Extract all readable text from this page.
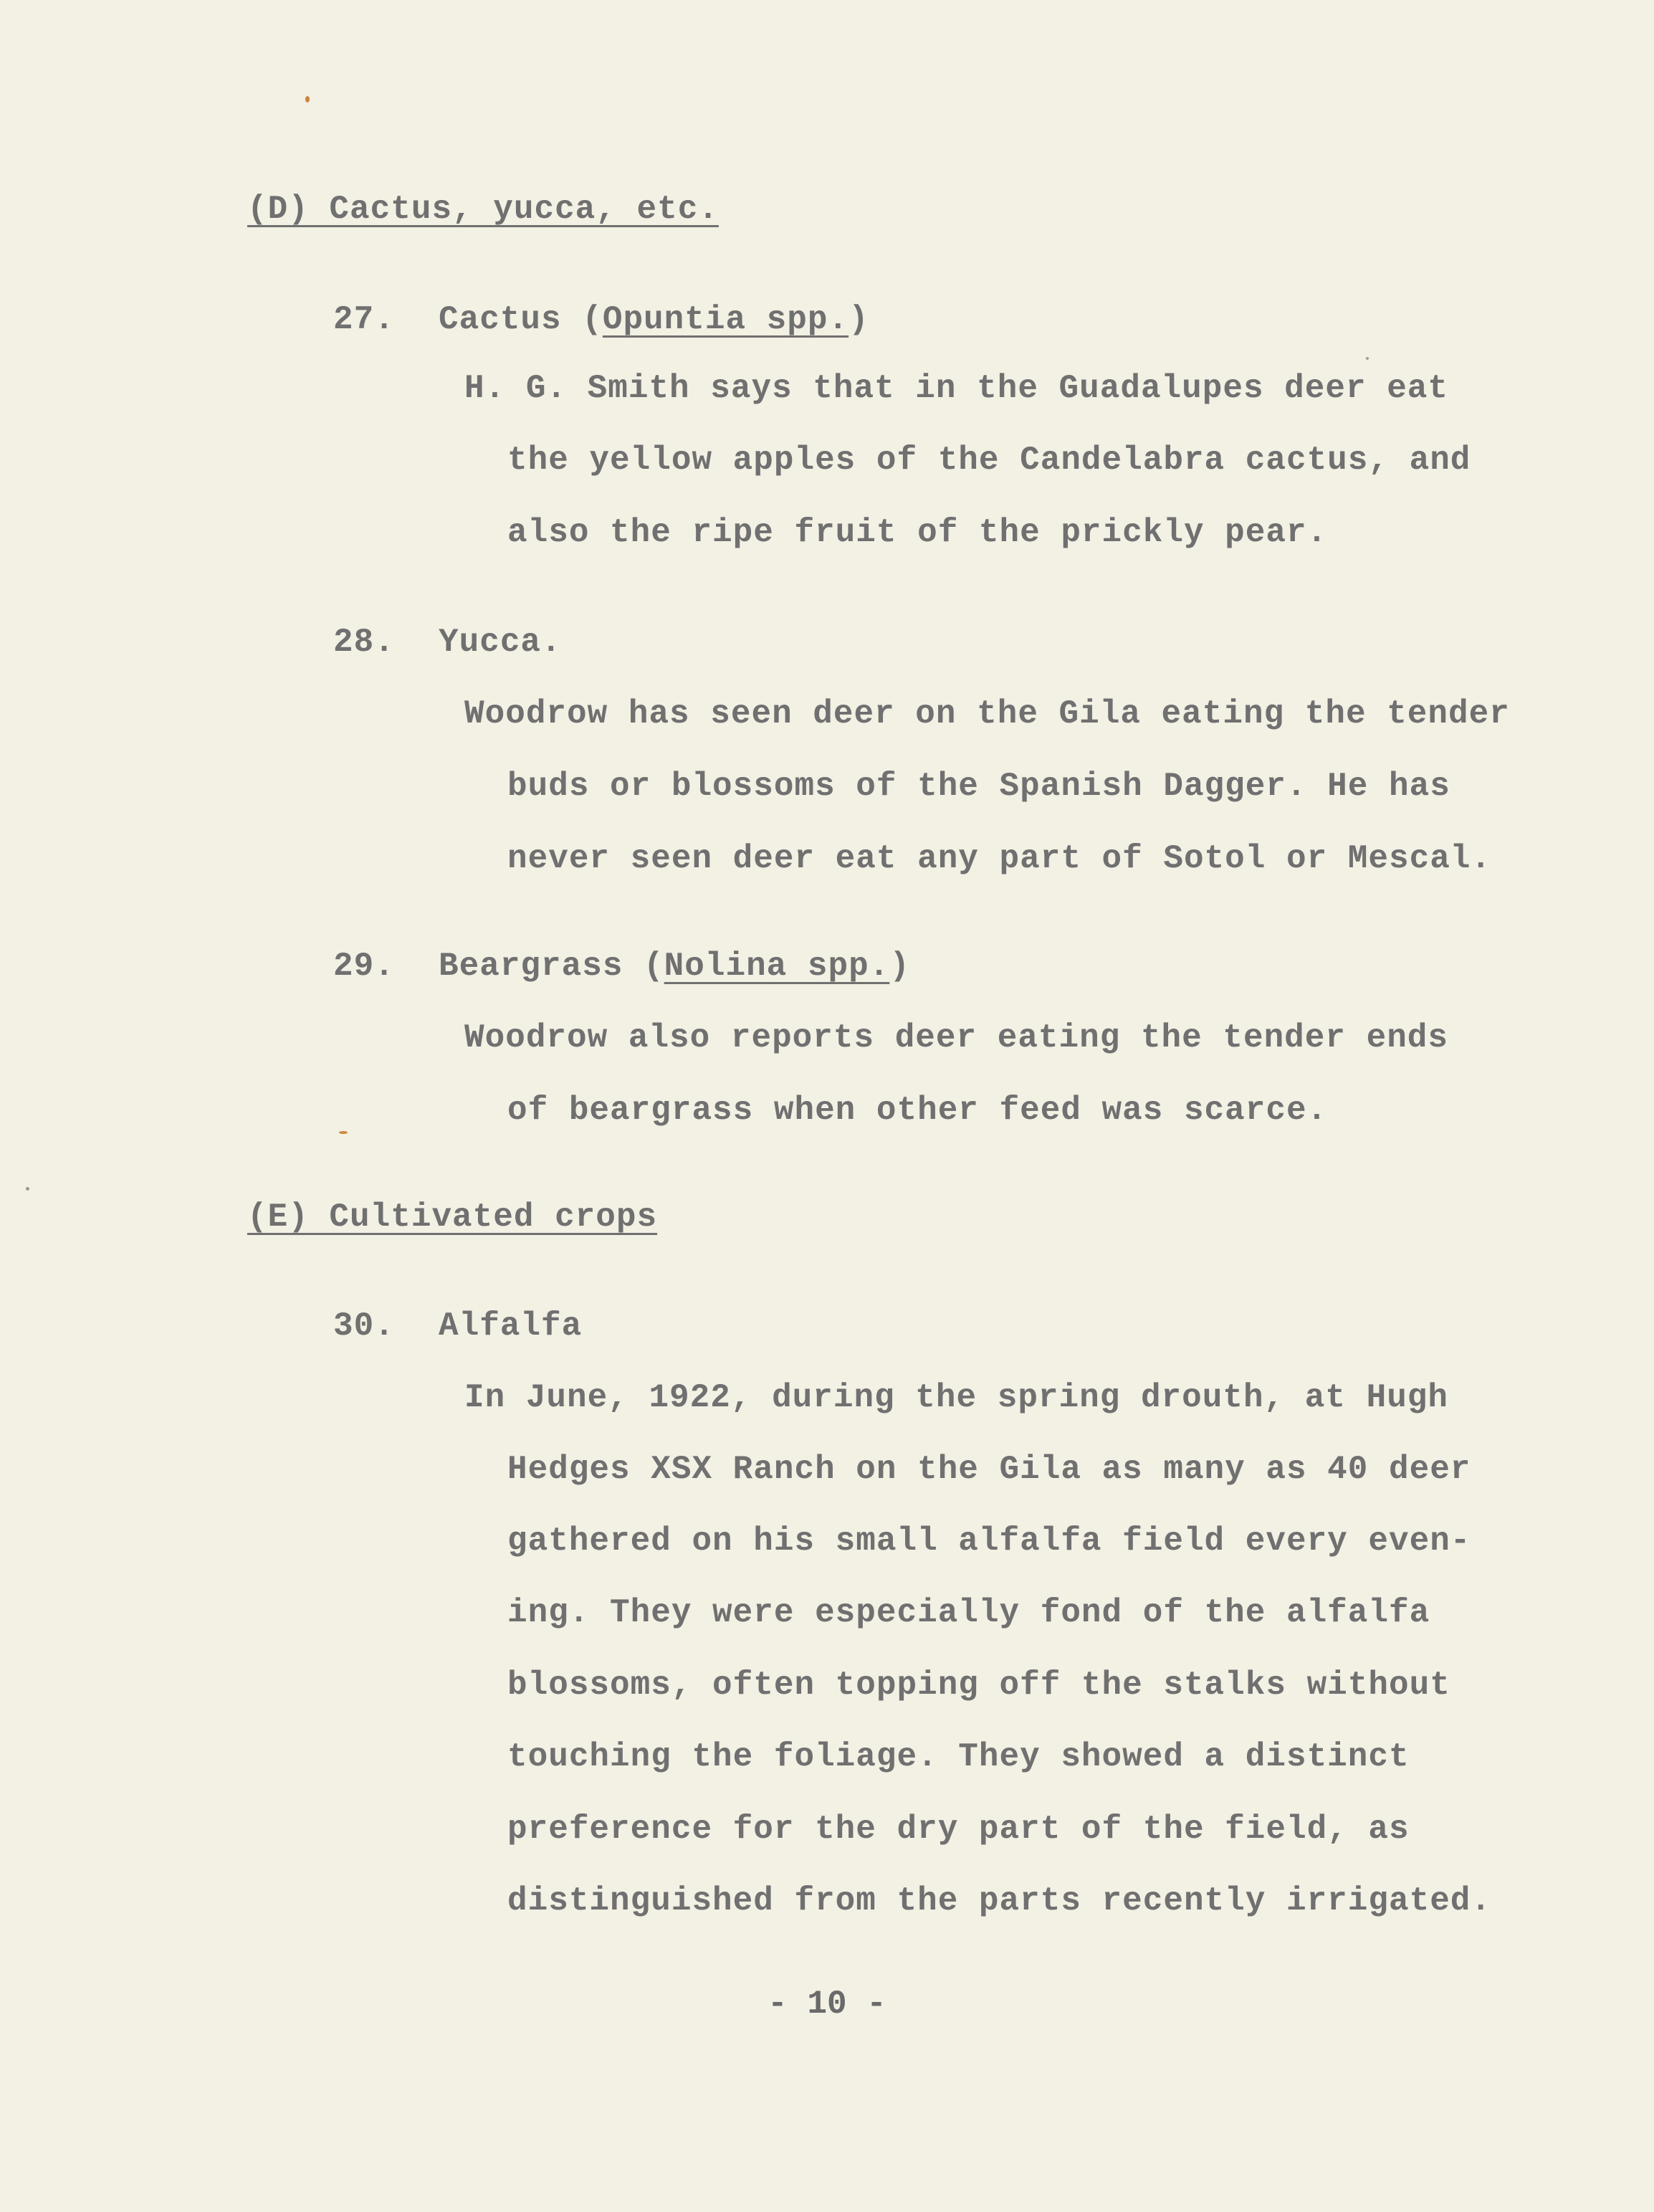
(D) Cactus, yucca, etc.
27. Cactus (Opuntia spp.)
H. G. Smith says that in the Guadalupes deer eat
the yellow apples of the Candelabra cactus, and
also the ripe fruit of the prickly pear.
28. Yucca.
Woodrow has seen deer on the Gila eating the tender
buds or blossoms of the Spanish Dagger. He has
never seen deer eat any part of Sotol or Mescal.
29. Beargrass (Nolina spp.)
Woodrow also reports deer eating the tender ends
of beargrass when other feed was scarce.
(E) Cultivated crops
30. Alfalfa
In June, 1922, during the spring drouth, at Hugh
Hedges XSX Ranch on the Gila as many as 40 deer
gathered on his small alfalfa field every even-
ing. They were especially fond of the alfalfa
blossoms, often topping off the stalks without
touching the foliage. They showed a distinct
preference for the dry part of the field, as
distinguished from the parts recently irrigated.
- 10 -
